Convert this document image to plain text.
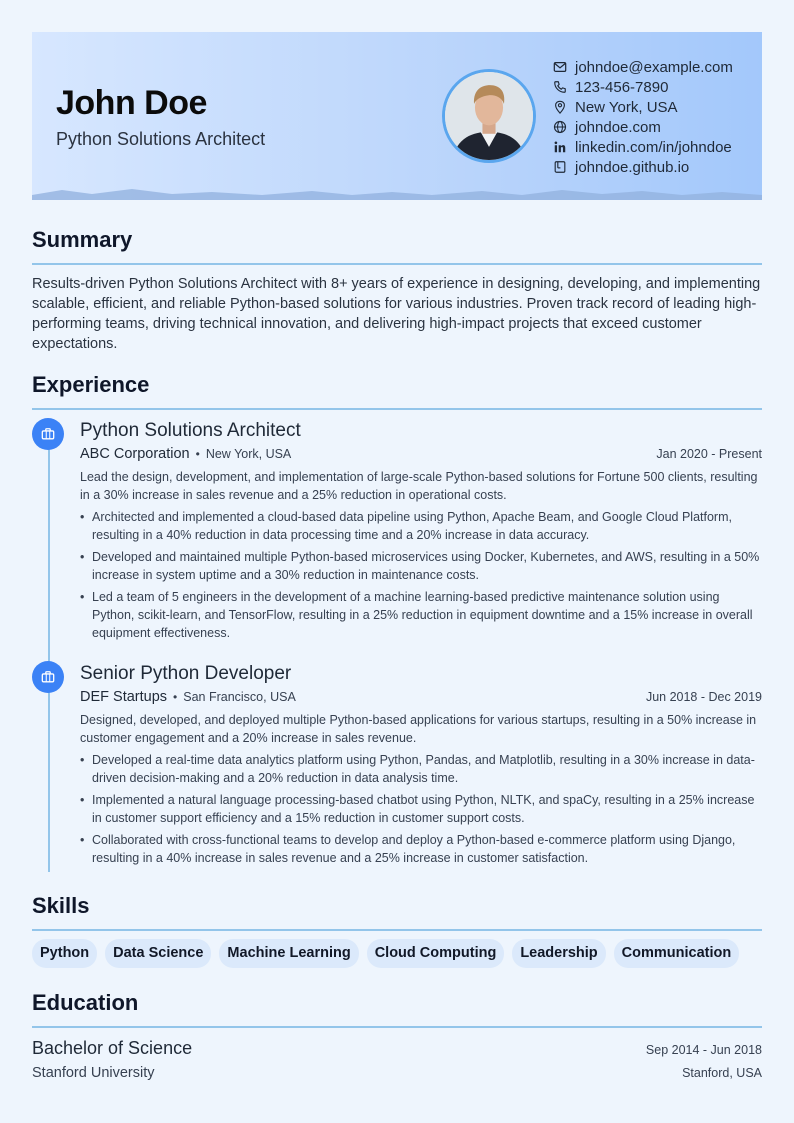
John Doe
Python Solutions Architect
johndoe@example.com
123-456-7890
New York, USA
johndoe.com
linkedin.com/in/johndoe
johndoe.github.io
Summary
Results-driven Python Solutions Architect with 8+ years of experience in designing, developing, and implementing scalable, efficient, and reliable Python-based solutions for various industries. Proven track record of leading high-performing teams, driving technical innovation, and delivering high-impact projects that exceed customer expectations.
Experience
Python Solutions Architect
ABC Corporation • New York, USA	Jan 2020 - Present
Lead the design, development, and implementation of large-scale Python-based solutions for Fortune 500 clients, resulting in a 30% increase in sales revenue and a 25% reduction in operational costs.
• Architected and implemented a cloud-based data pipeline using Python, Apache Beam, and Google Cloud Platform, resulting in a 40% reduction in data processing time and a 20% increase in data accuracy.
• Developed and maintained multiple Python-based microservices using Docker, Kubernetes, and AWS, resulting in a 50% increase in system uptime and a 30% reduction in maintenance costs.
• Led a team of 5 engineers in the development of a machine learning-based predictive maintenance solution using Python, scikit-learn, and TensorFlow, resulting in a 25% reduction in equipment downtime and a 15% increase in overall equipment effectiveness.
Senior Python Developer
DEF Startups • San Francisco, USA	Jun 2018 - Dec 2019
Designed, developed, and deployed multiple Python-based applications for various startups, resulting in a 50% increase in customer engagement and a 20% increase in sales revenue.
• Developed a real-time data analytics platform using Python, Pandas, and Matplotlib, resulting in a 30% increase in data-driven decision-making and a 20% reduction in data analysis time.
• Implemented a natural language processing-based chatbot using Python, NLTK, and spaCy, resulting in a 25% increase in customer support efficiency and a 15% reduction in customer support costs.
• Collaborated with cross-functional teams to develop and deploy a Python-based e-commerce platform using Django, resulting in a 40% increase in sales revenue and a 25% increase in customer satisfaction.
Skills
Python	Data Science	Machine Learning	Cloud Computing	Leadership	Communication
Education
Bachelor of Science	Sep 2014 - Jun 2018
Stanford University	Stanford, USA
